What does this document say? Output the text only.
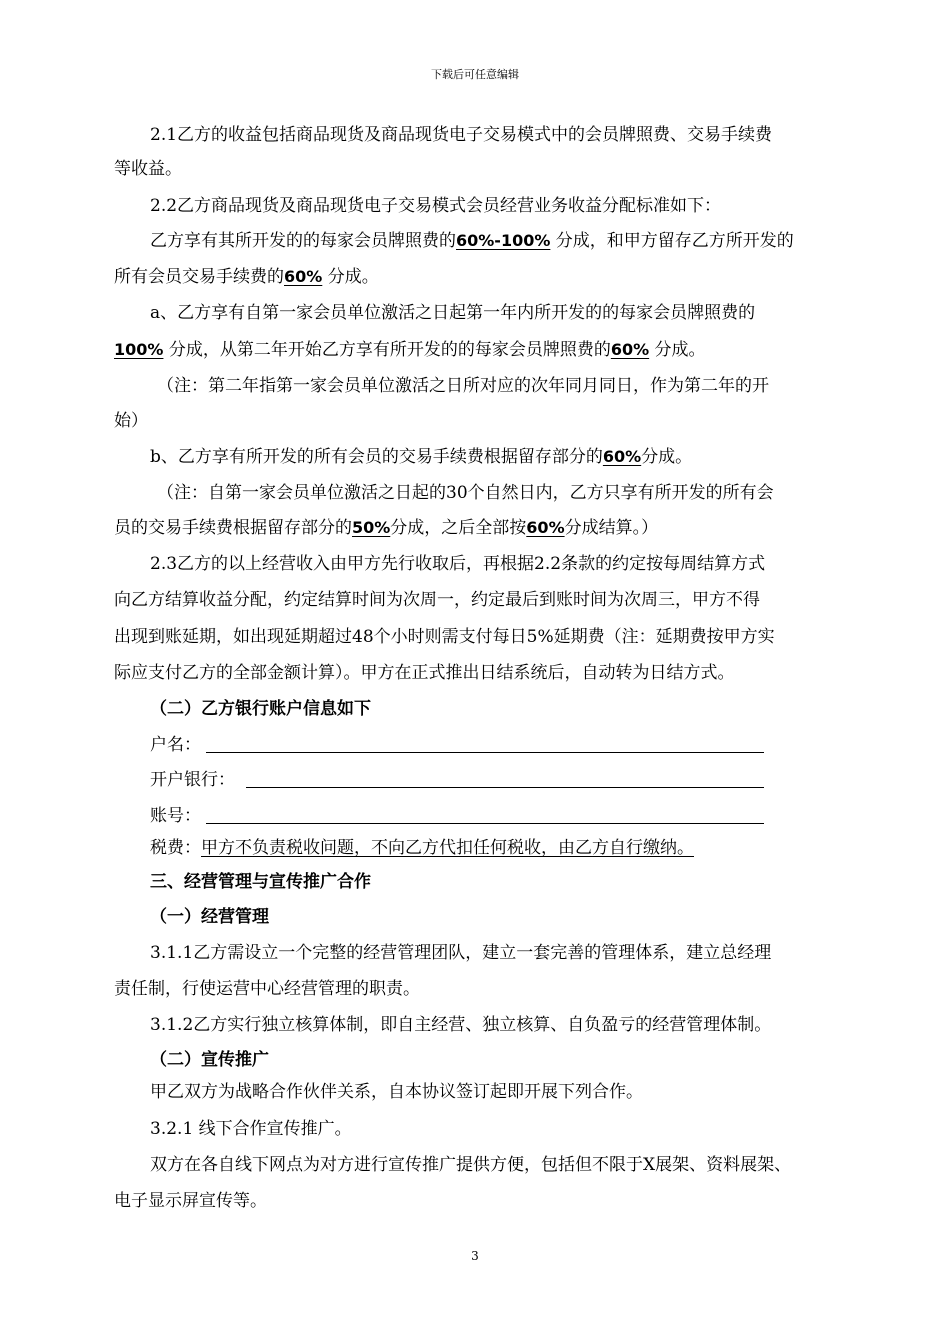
下载后可任意编辑
2.1乙方的收益包括商品现货及商品现货电子交易模式中的会员牌照费、交易手续费
等收益。
2.2乙方商品现货及商品现货电子交易模式会员经营业务收益分配标准如下：
乙方享有其所开发的的每家会员牌照费的60%-100% 分成，和甲方留存乙方所开发的
所有会员交易手续费的60% 分成。
a、乙方享有自第一家会员单位激活之日起第一年内所开发的的每家会员牌照费的
100% 分成，从第二年开始乙方享有所开发的的每家会员牌照费的60% 分成。
（注：第二年指第一家会员单位激活之日所对应的次年同月同日，作为第二年的开
始）
b、乙方享有所开发的所有会员的交易手续费根据留存部分的60%分成。
（注：自第一家会员单位激活之日起的30个自然日内，乙方只享有所开发的所有会
员的交易手续费根据留存部分的50%分成，之后全部按60%分成结算。）
2.3乙方的以上经营收入由甲方先行收取后，再根据2.2条款的约定按每周结算方式
向乙方结算收益分配，约定结算时间为次周一，约定最后到账时间为次周三，甲方不得
出现到账延期，如出现延期超过48个小时则需支付每日5%延期费（注：延期费按甲方实
际应支付乙方的全部金额计算）。甲方在正式推出日结系统后，自动转为日结方式。
（二）乙方银行账户信息如下
户名：
开户银行：
账号：
税费：甲方不负责税收问题，不向乙方代扣任何税收，由乙方自行缴纳。
三、经营管理与宣传推广合作
（一）经营管理
3.1.1乙方需设立一个完整的经营管理团队，建立一套完善的管理体系，建立总经理
责任制，行使运营中心经营管理的职责。
3.1.2乙方实行独立核算体制，即自主经营、独立核算、自负盈亏的经营管理体制。
（二）宣传推广
甲乙双方为战略合作伙伴关系，自本协议签订起即开展下列合作。
3.2.1 线下合作宣传推广。
双方在各自线下网点为对方进行宣传推广提供方便，包括但不限于X展架、资料展架、
电子显示屏宣传等。
3
